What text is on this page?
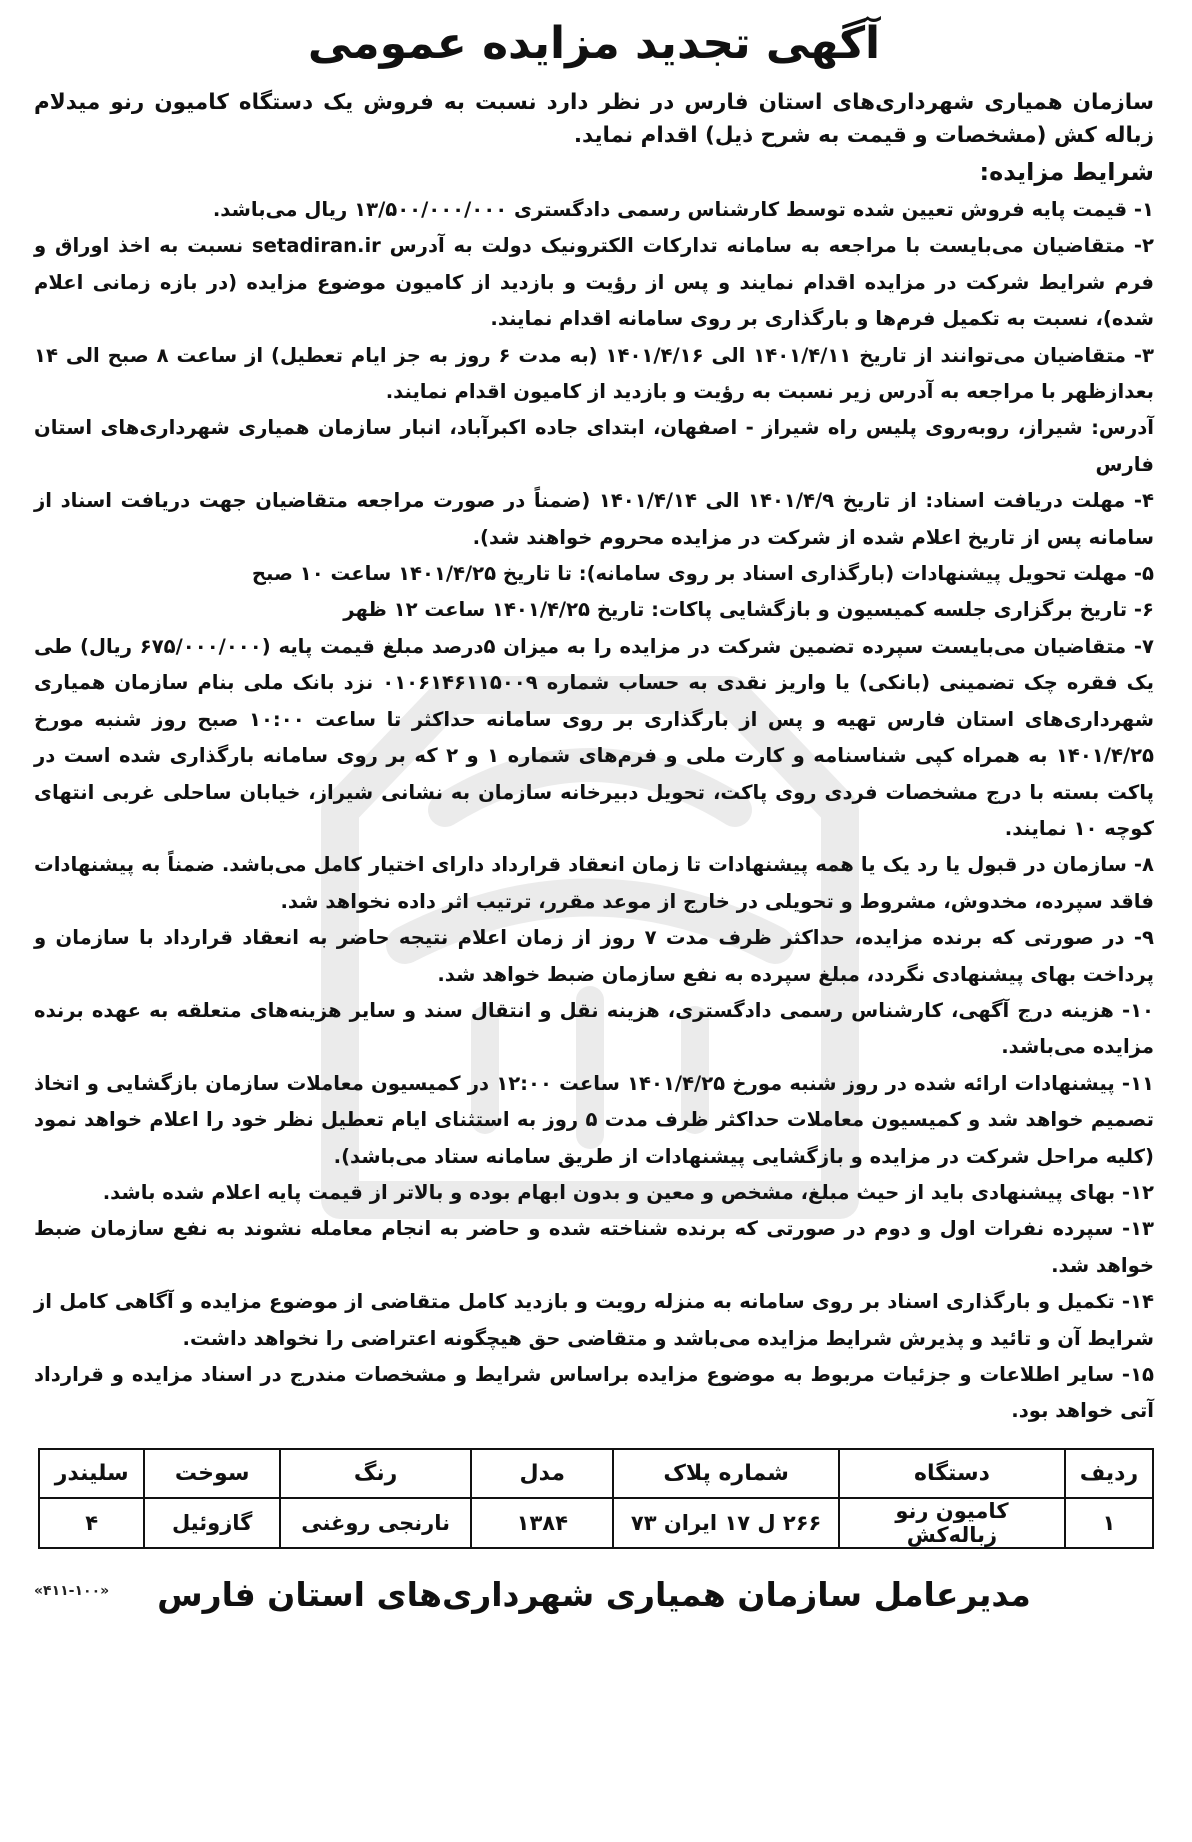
آگهی تجدید مزایده عمومی

سازمان همیاری شهرداری‌های استان فارس در نظر دارد نسبت به فروش یک دستگاه کامیون رنو میدلام زباله کش (مشخصات و قیمت به شرح ذیل) اقدام نماید.

شرایط مزایده:

۱- قیمت پایه فروش تعیین شده توسط کارشناس رسمی دادگستری ۱۳/۵۰۰/۰۰۰/۰۰۰ ریال می‌باشد.

۲- متقاضیان می‌بایست با مراجعه به سامانه تدارکات الکترونیک دولت به آدرس setadiran.ir نسبت به اخذ اوراق و فرم شرایط شرکت در مزایده اقدام نمایند و پس از رؤیت و بازدید از کامیون موضوع مزایده (در بازه زمانی اعلام شده)، نسبت به تکمیل فرم‌ها و بارگذاری بر روی سامانه اقدام نمایند.

۳- متقاضیان می‌توانند از تاریخ ۱۴۰۱/۴/۱۱ الی ۱۴۰۱/۴/۱۶ (به مدت ۶ روز به جز ایام تعطیل) از ساعت ۸ صبح الی ۱۴ بعدازظهر با مراجعه به آدرس زیر نسبت به رؤیت و بازدید از کامیون اقدام نمایند.

آدرس: شیراز، روبه‌روی پلیس راه شیراز - اصفهان، ابتدای جاده اکبرآباد، انبار سازمان همیاری شهرداری‌های استان فارس

۴- مهلت دریافت اسناد: از تاریخ ۱۴۰۱/۴/۹ الی ۱۴۰۱/۴/۱۴ (ضمناً در صورت مراجعه متقاضیان جهت دریافت اسناد از سامانه پس از تاریخ اعلام شده از شرکت در مزایده محروم خواهند شد).

۵- مهلت تحویل پیشنهادات (بارگذاری اسناد بر روی سامانه): تا تاریخ ۱۴۰۱/۴/۲۵ ساعت ۱۰ صبح

۶- تاریخ برگزاری جلسه کمیسیون و بازگشایی پاکات: تاریخ ۱۴۰۱/۴/۲۵ ساعت ۱۲ ظهر

۷- متقاضیان می‌بایست سپرده تضمین شرکت در مزایده را به میزان ۵درصد مبلغ قیمت پایه (۶۷۵/۰۰۰/۰۰۰ ریال) طی یک فقره چک تضمینی (بانکی) یا واریز نقدی به حساب شماره ۰۱۰۶۱۴۶۱۱۵۰۰۹ نزد بانک ملی بنام سازمان همیاری شهرداری‌های استان فارس تهیه و پس از بارگذاری بر روی سامانه حداکثر تا ساعت ۱۰:۰۰ صبح روز شنبه مورخ ۱۴۰۱/۴/۲۵ به همراه کپی شناسنامه و کارت ملی و فرم‌های شماره ۱ و ۲ که بر روی سامانه بارگذاری شده است در پاکت بسته با درج مشخصات فردی روی پاکت، تحویل دبیرخانه سازمان به نشانی شیراز، خیابان ساحلی غربی انتهای کوچه ۱۰ نمایند.

۸- سازمان در قبول یا رد یک یا همه پیشنهادات تا زمان انعقاد قرارداد دارای اختیار کامل می‌باشد. ضمناً به پیشنهادات فاقد سپرده، مخدوش، مشروط و تحویلی در خارج از موعد مقرر، ترتیب اثر داده نخواهد شد.

۹- در صورتی که برنده مزایده، حداکثر ظرف مدت ۷ روز از زمان اعلام نتیجه حاضر به انعقاد قرارداد با سازمان و پرداخت بهای پیشنهادی نگردد، مبلغ سپرده به نفع سازمان ضبط خواهد شد.

۱۰- هزینه درج آگهی، کارشناس رسمی دادگستری، هزینه نقل و انتقال سند و سایر هزینه‌های متعلقه به عهده برنده مزایده می‌باشد.

۱۱- پیشنهادات ارائه شده در روز شنبه مورخ ۱۴۰۱/۴/۲۵ ساعت ۱۲:۰۰ در کمیسیون معاملات سازمان بازگشایی و اتخاذ تصمیم خواهد شد و کمیسیون معاملات حداکثر ظرف مدت ۵ روز به استثنای ایام تعطیل نظر خود را اعلام خواهد نمود (کلیه مراحل شرکت در مزایده و بازگشایی پیشنهادات از طریق سامانه ستاد می‌باشد).

۱۲- بهای پیشنهادی باید از حیث مبلغ، مشخص و معین و بدون ابهام بوده و بالاتر از قیمت پایه اعلام شده باشد.

۱۳- سپرده نفرات اول و دوم در صورتی که برنده شناخته شده و حاضر به انجام معامله نشوند به نفع سازمان ضبط خواهد شد.

۱۴- تکمیل و بارگذاری اسناد بر روی سامانه به منزله رویت و بازدید کامل متقاضی از موضوع مزایده و آگاهی کامل از شرایط آن و تائید و پذیرش شرایط مزایده می‌باشد و متقاضی حق هیچگونه اعتراضی را نخواهد داشت.

۱۵- سایر اطلاعات و جزئیات مربوط به موضوع مزایده براساس شرایط و مشخصات مندرج در اسناد مزایده و قرارداد آتی خواهد بود.

ردیف	دستگاه	شماره پلاک	مدل	رنگ	سوخت	سلیندر
۱	کامیون رنو زباله‌کش	۲۶۶ ل ۱۷ ایران ۷۳	۱۳۸۴	نارنجی روغنی	گازوئیل	۴

مدیرعامل سازمان همیاری شهرداری‌های استان فارس

«۴۱۱-۱۰۰»
